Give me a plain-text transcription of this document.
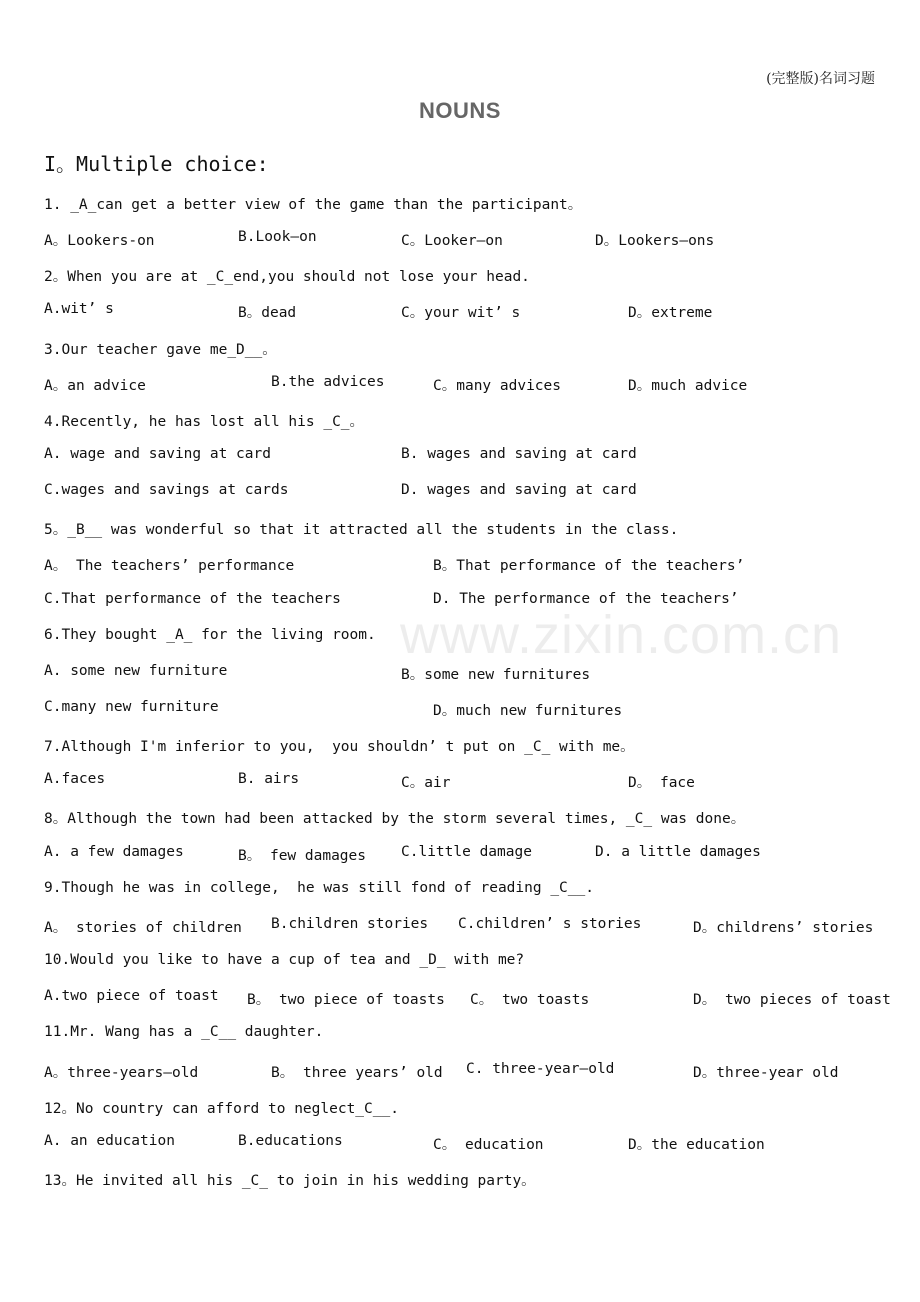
(完整版)名词习题
NOUNS
I。Multiple choice:
www.zixin.com.cn
1. _A_can get a better view of the game than the participant。
A。Lookers-on	B.Look—on	C。Looker—on	D。Lookers—ons
2。When you are at _C_end,you should not lose your head.
A.wit’ s	B。dead	C。your wit’ s	D。extreme
3.Our teacher gave me_D__。
A。an advice	B.the advices	C。many advices	D。much advice
4.Recently, he has lost all his _C_。
A. wage and saving at card	B. wages and saving at card
C.wages and savings at cards	D. wages and saving at card
5。_B__ was wonderful so that it attracted all the students in the class.
A。 The teachers’ performance	B。That performance of the teachers’
C.That performance of the teachers	D. The performance of the teachers’
6.They bought _A_ for the living room.
A. some new furniture	B。some new furnitures
C.many new furniture	D。much new furnitures
7.Although I'm inferior to you,  you shouldn’ t put on _C_ with me。
A.faces	B. airs	C。air	D。 face
8。Although the town had been attacked by the storm several times, _C_ was done。
A. a few damages	B。 few damages C.little damage	D. a little damages
9.Though he was in college,  he was still fond of reading _C__.
A。 stories of children B.children stories C.children’ s stories	D。childrens’ stories
10.Would you like to have a cup of tea and _D_ with me?
A.two piece of toast B。 two piece of toasts C。 two toasts	D。 two pieces of toast
11.Mr. Wang has a _C__ daughter.
A。three-years—old	B。 three years’ old C. three-year—old	D。three-year old
12。No country can afford to neglect_C__.
A. an education	B.educations	C。 education	D。the education
13。He invited all his _C_ to join in his wedding party。
